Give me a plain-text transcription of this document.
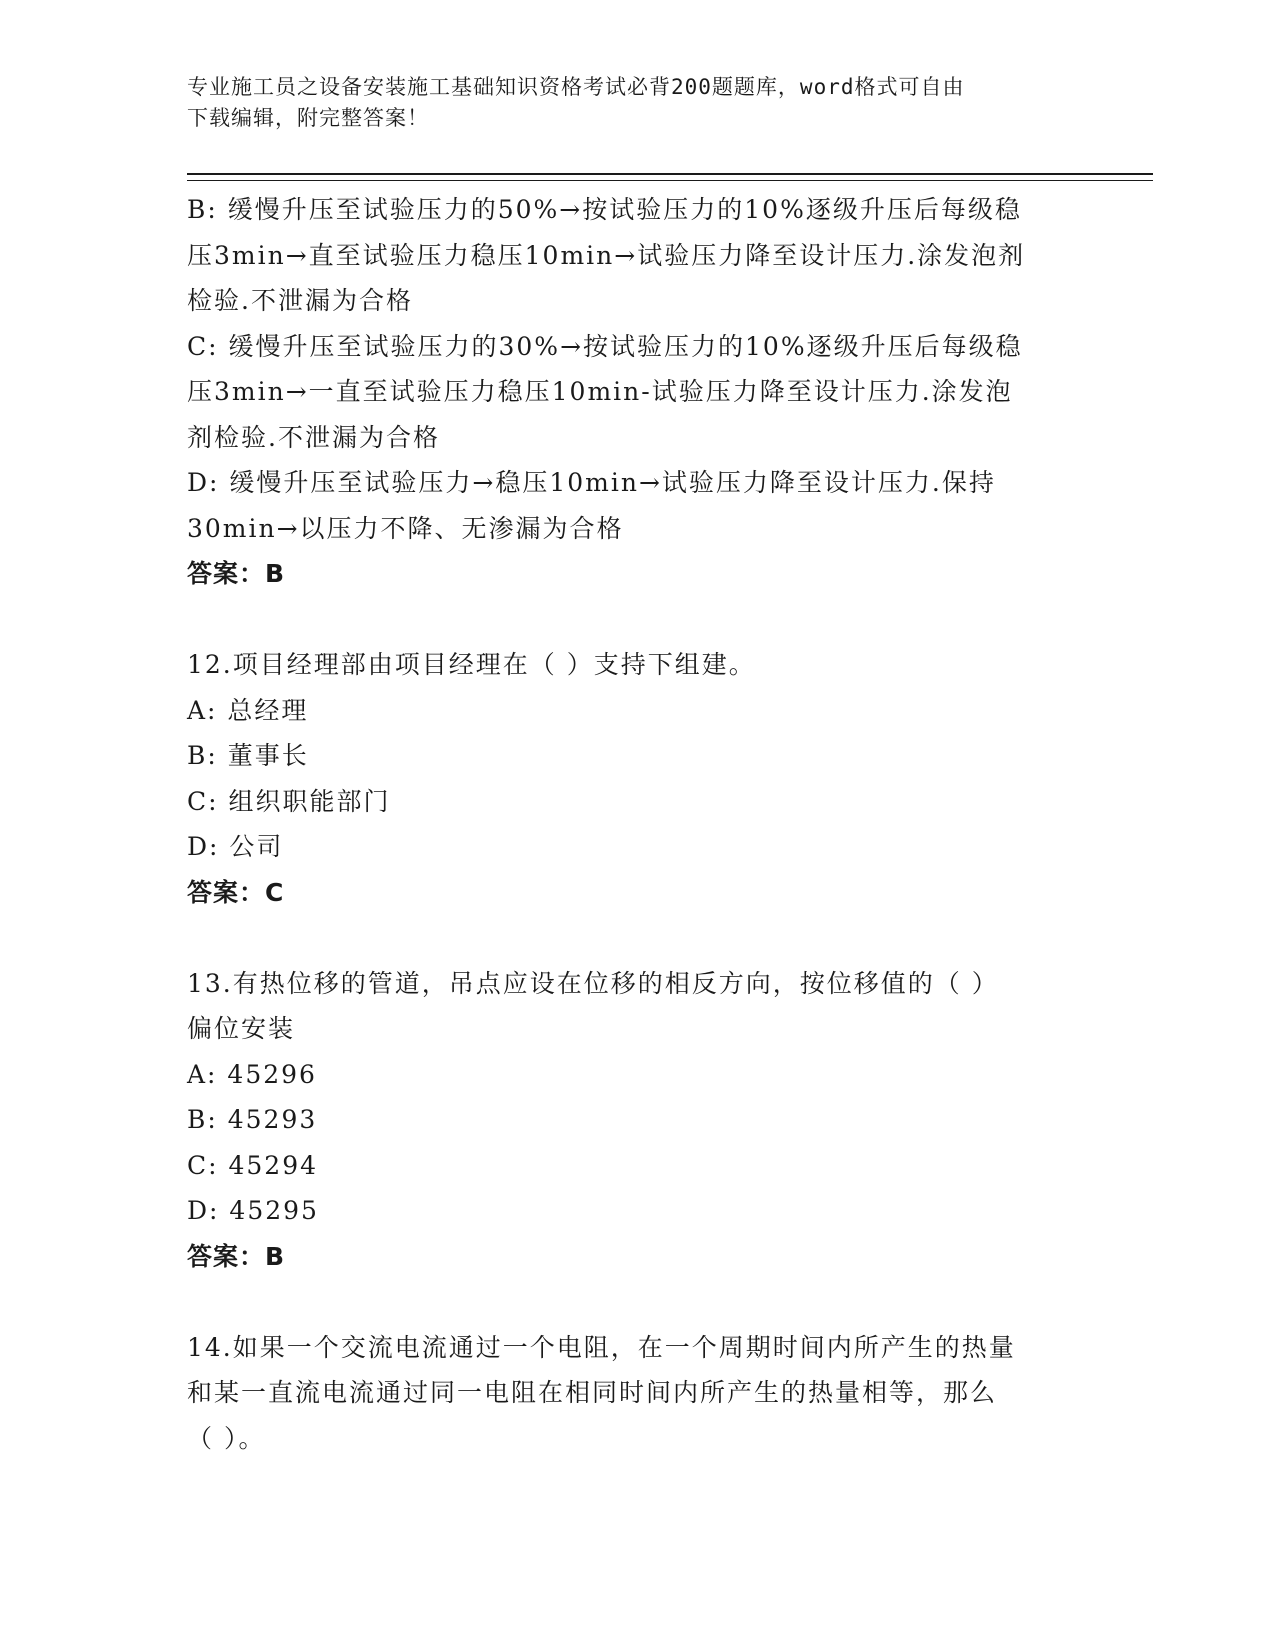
专业施工员之设备安装施工基础知识资格考试必背200题题库，word格式可自由
下载编辑，附完整答案！
B: 缓慢升压至试验压力的50%→按试验压力的10%逐级升压后每级稳
压3min→直至试验压力稳压10min→试验压力降至设计压力.涂发泡剂
检验.不泄漏为合格
C: 缓慢升压至试验压力的30%→按试验压力的10%逐级升压后每级稳
压3min→一直至试验压力稳压10min-试验压力降至设计压力.涂发泡
剂检验.不泄漏为合格
D: 缓慢升压至试验压力→稳压10min→试验压力降至设计压力.保持
30min→以压力不降、无渗漏为合格
答案：B
12.项目经理部由项目经理在（ ）支持下组建。
A: 总经理
B: 董事长
C: 组织职能部门
D: 公司
答案：C
13.有热位移的管道，吊点应设在位移的相反方向，按位移值的（ ）
偏位安装
A: 45296
B: 45293
C: 45294
D: 45295
答案：B
14.如果一个交流电流通过一个电阻，在一个周期时间内所产生的热量
和某一直流电流通过同一电阻在相同时间内所产生的热量相等，那么
（ ）。
